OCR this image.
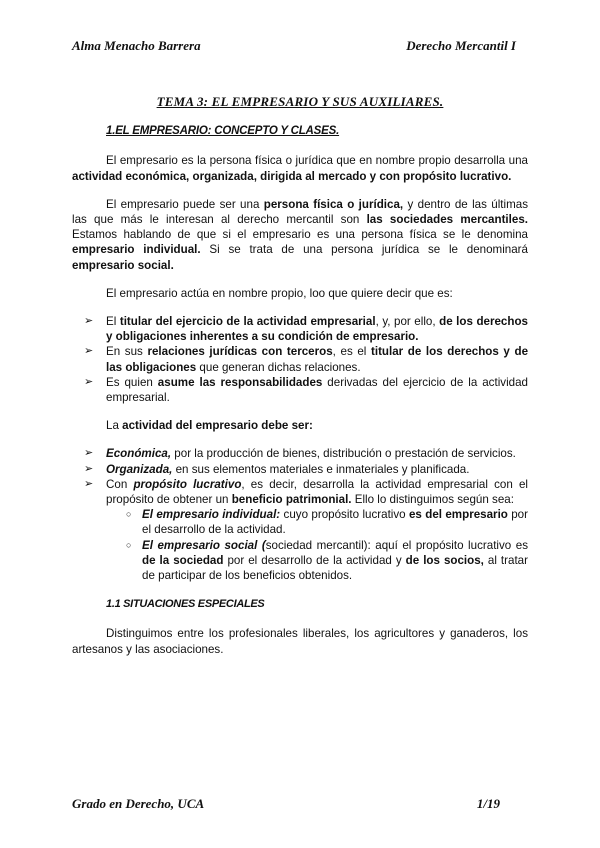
Alma Menacho Barrera	Derecho Mercantil I
TEMA 3: EL EMPRESARIO Y SUS AUXILIARES.
1.EL EMPRESARIO: CONCEPTO Y CLASES.

El empresario es la persona física o jurídica que en nombre propio desarrolla una actividad económica, organizada, dirigida al mercado y con propósito lucrativo.

El empresario puede ser una persona física o jurídica, y dentro de las últimas las que más le interesan al derecho mercantil son las sociedades mercantiles. Estamos hablando de que si el empresario es una persona física se le denomina empresario individual. Si se trata de una persona jurídica se le denominará empresario social.

El empresario actúa en nombre propio, loo que quiere decir que es:

➢ El titular del ejercicio de la actividad empresarial, y, por ello, de los derechos y obligaciones inherentes a su condición de empresario.
➢ En sus relaciones jurídicas con terceros, es el titular de los derechos y de las obligaciones que generan dichas relaciones.
➢ Es quien asume las responsabilidades derivadas del ejercicio de la actividad empresarial.

La actividad del empresario debe ser:

➢ Económica, por la producción de bienes, distribución o prestación de servicios.
➢ Organizada, en sus elementos materiales e inmateriales y planificada.
➢ Con propósito lucrativo, es decir, desarrolla la actividad empresarial con el propósito de obtener un beneficio patrimonial. Ello lo distinguimos según sea:
○ El empresario individual: cuyo propósito lucrativo es del empresario por el desarrollo de la actividad.
○ El empresario social (sociedad mercantil): aquí el propósito lucrativo es de la sociedad por el desarrollo de la actividad y de los socios, al tratar de participar de los beneficios obtenidos.
1.1 SITUACIONES ESPECIALES

Distinguimos entre los profesionales liberales, los agricultores y ganaderos, los artesanos y las asociaciones.

Grado en Derecho, UCA	1/19
